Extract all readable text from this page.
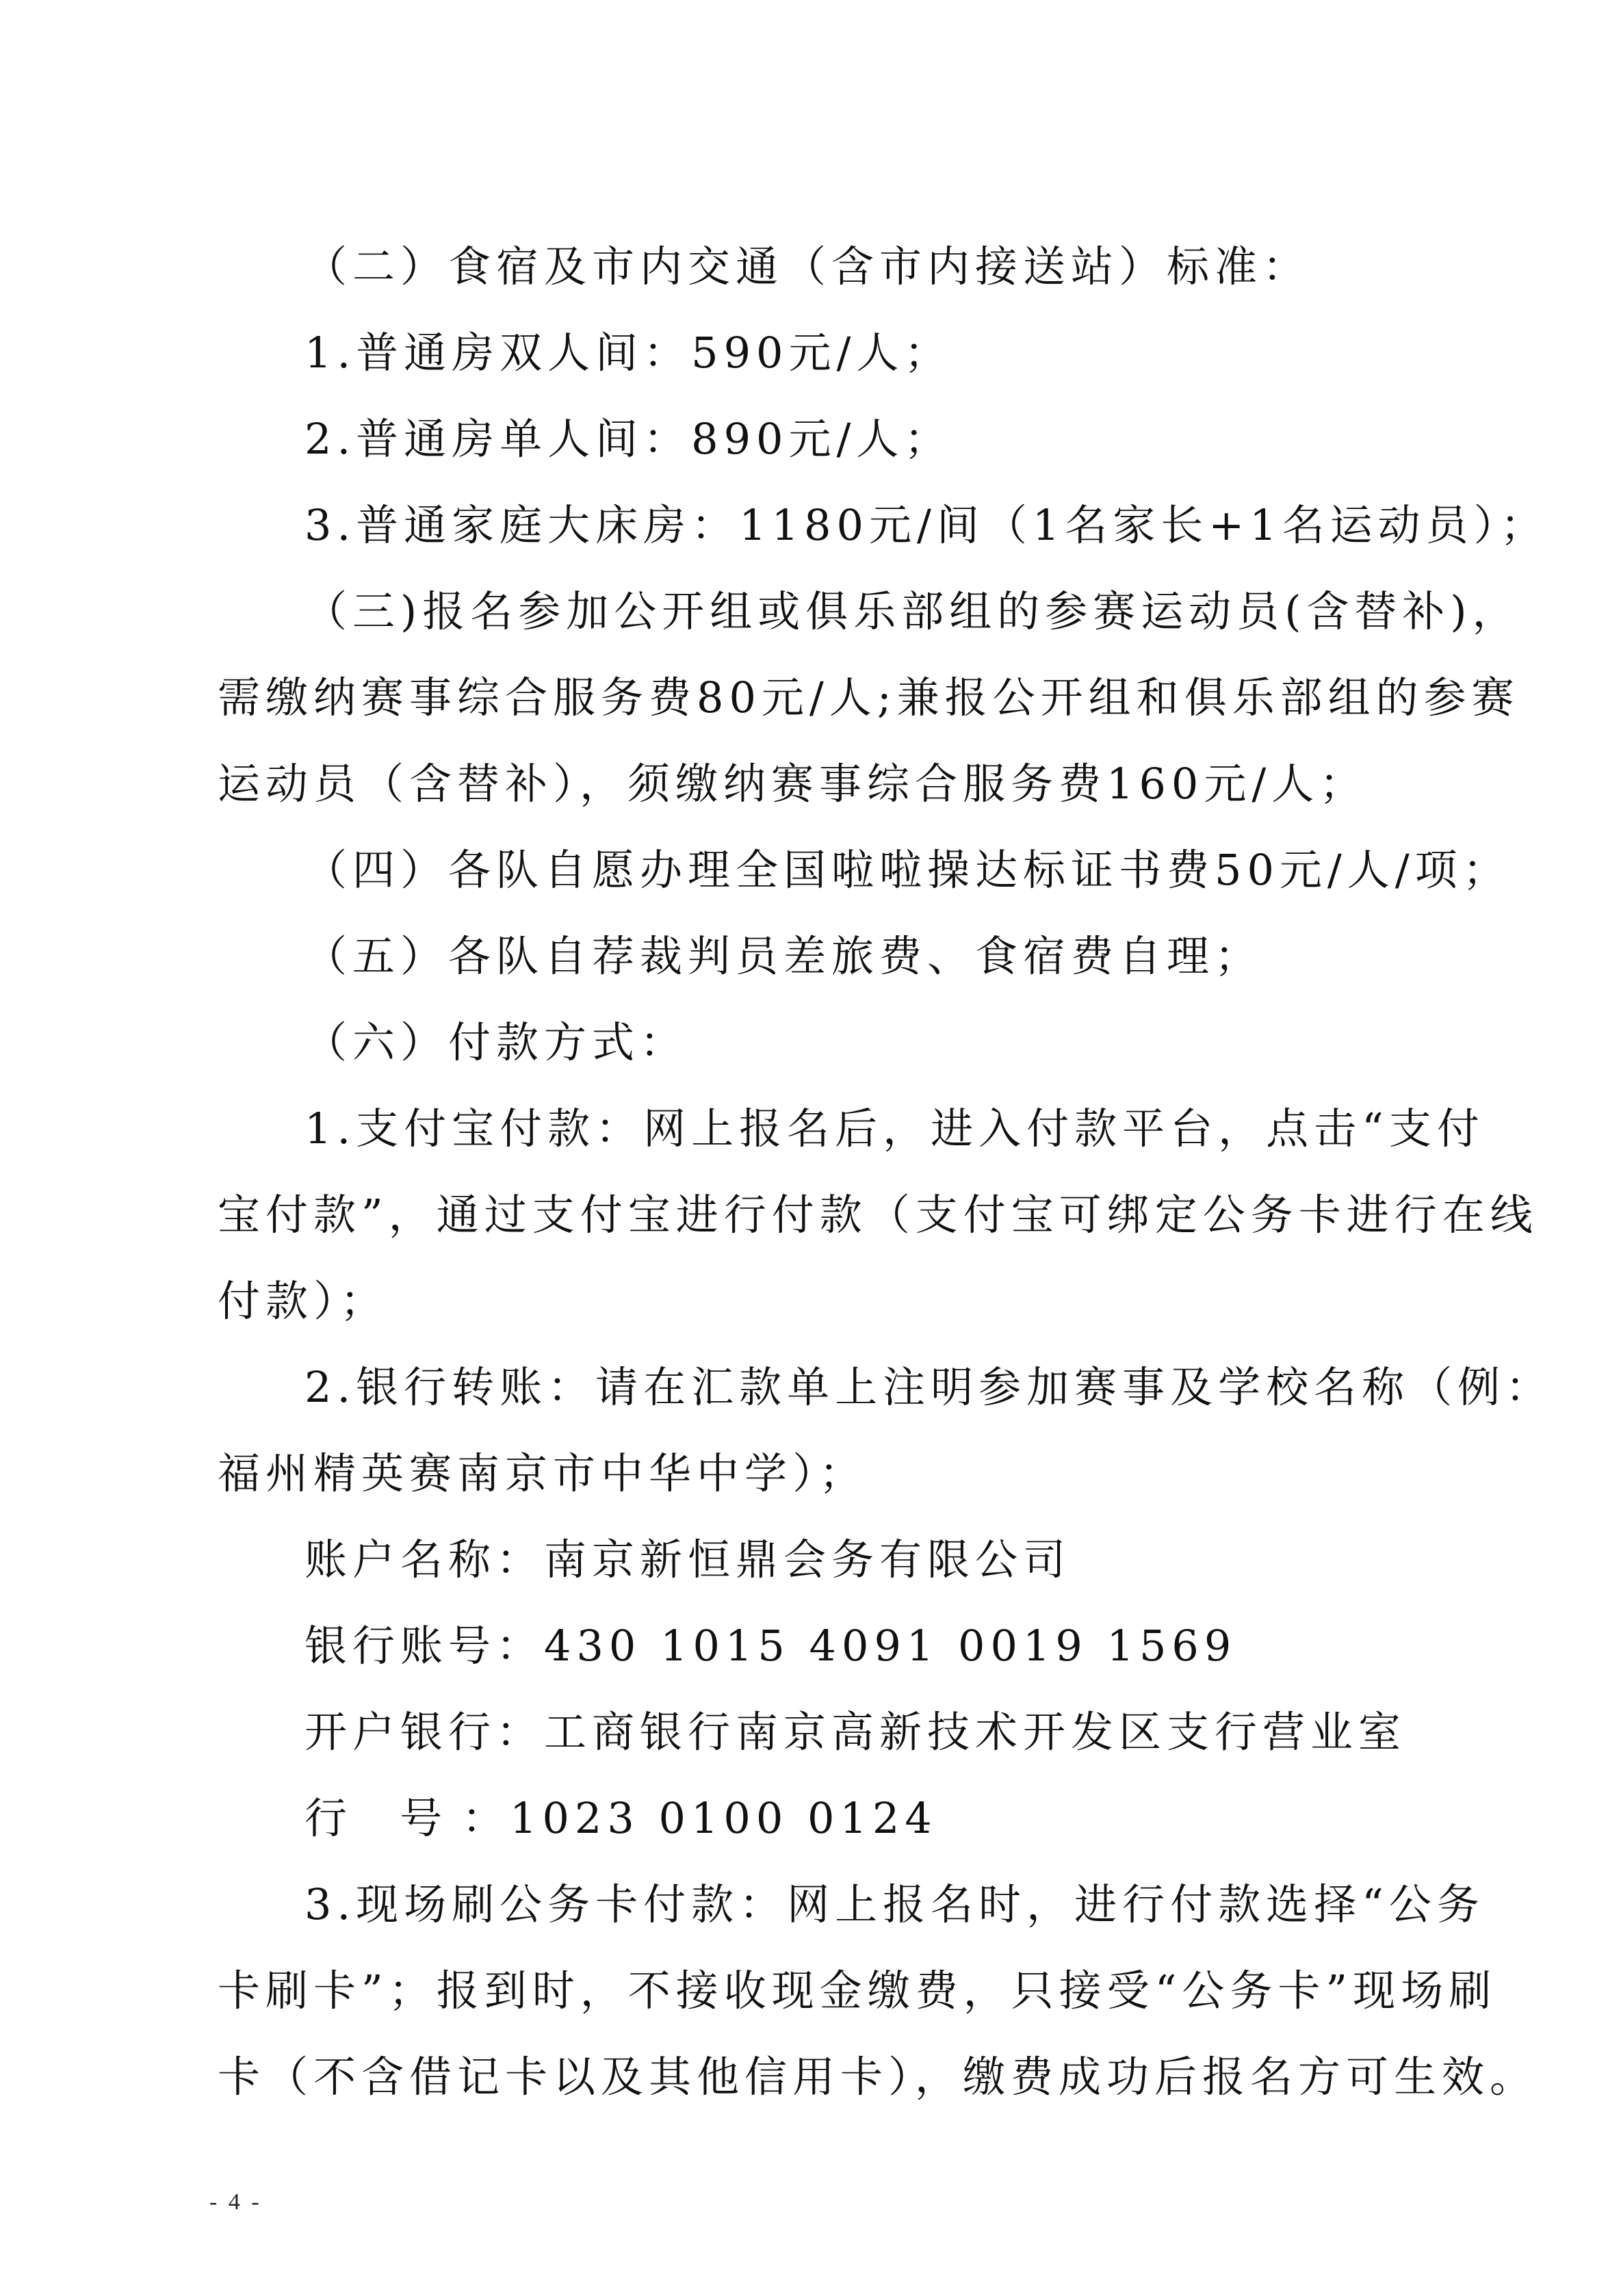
（二）食宿及市内交通（含市内接送站）标准：
1.普通房双人间：590元/人；
2.普通房单人间：890元/人；
3.普通家庭大床房：1180元/间（1名家长+1名运动员）；
（三)报名参加公开组或俱乐部组的参赛运动员(含替补)，
需缴纳赛事综合服务费80元/人;兼报公开组和俱乐部组的参赛
运动员（含替补），须缴纳赛事综合服务费160元/人；
（四）各队自愿办理全国啦啦操达标证书费50元/人/项；
（五）各队自荐裁判员差旅费、食宿费自理；
（六）付款方式：
1.支付宝付款：网上报名后，进入付款平台，点击“支付
宝付款”，通过支付宝进行付款（支付宝可绑定公务卡进行在线
付款）；
2.银行转账：请在汇款单上注明参加赛事及学校名称（例：
福州精英赛南京市中华中学）；
账户名称：南京新恒鼎会务有限公司
银行账号：430 1015 4091 0019 1569
开户银行：工商银行南京高新技术开发区支行营业室
行 号：1023 0100 0124
- 4 -
3.现场刷公务卡付款：网上报名时，进行付款选择“公务
卡刷卡”；报到时，不接收现金缴费，只接受“公务卡”现场刷
卡（不含借记卡以及其他信用卡），缴费成功后报名方可生效。
